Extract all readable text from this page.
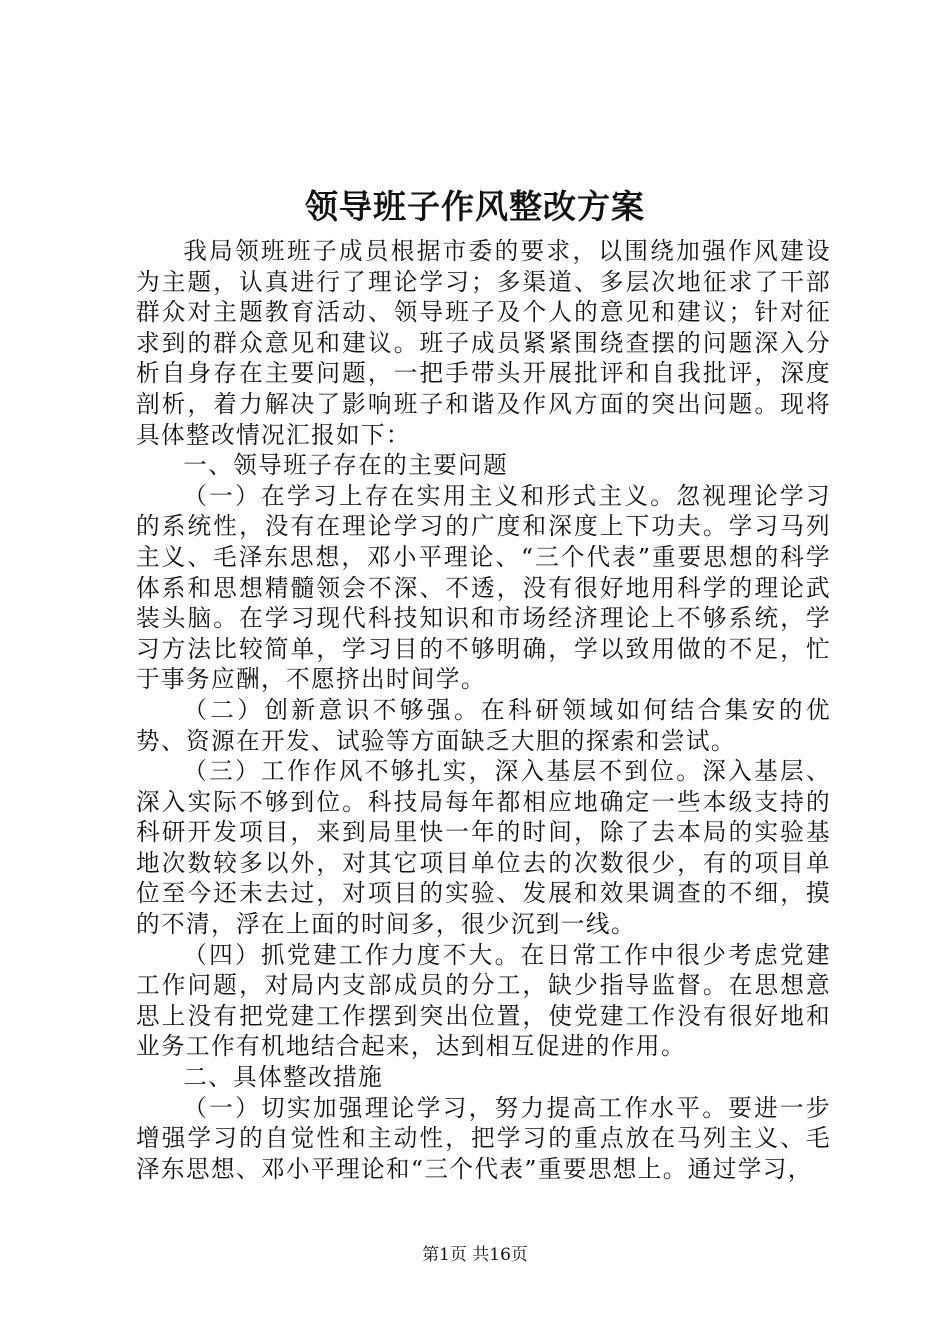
领导班子作风整改方案

我局领班班子成员根据市委的要求，以围绕加强作风建设为主题，认真进行了理论学习；多渠道、多层次地征求了干部群众对主题教育活动、领导班子及个人的意见和建议；针对征求到的群众意见和建议。班子成员紧紧围绕查摆的问题深入分析自身存在主要问题，一把手带头开展批评和自我批评，深度剖析，着力解决了影响班子和谐及作风方面的突出问题。现将具体整改情况汇报如下：

一、领导班子存在的主要问题

（一）在学习上存在实用主义和形式主义。忽视理论学习的系统性，没有在理论学习的广度和深度上下功夫。学习马列主义、毛泽东思想，邓小平理论、“三个代表”重要思想的科学体系和思想精髓领会不深、不透，没有很好地用科学的理论武装头脑。在学习现代科技知识和市场经济理论上不够系统，学习方法比较简单，学习目的不够明确，学以致用做的不足，忙于事务应酬，不愿挤出时间学。

（二）创新意识不够强。在科研领域如何结合集安的优势、资源在开发、试验等方面缺乏大胆的探索和尝试。

（三）工作作风不够扎实，深入基层不到位。深入基层、深入实际不够到位。科技局每年都相应地确定一些本级支持的科研开发项目，来到局里快一年的时间，除了去本局的实验基地次数较多以外，对其它项目单位去的次数很少，有的项目单位至今还未去过，对项目的实验、发展和效果调查的不细，摸的不清，浮在上面的时间多，很少沉到一线。

（四）抓党建工作力度不大。在日常工作中很少考虑党建工作问题，对局内支部成员的分工，缺少指导监督。在思想意思上没有把党建工作摆到突出位置，使党建工作没有很好地和业务工作有机地结合起来，达到相互促进的作用。

二、具体整改措施

（一）切实加强理论学习，努力提高工作水平。要进一步增强学习的自觉性和主动性，把学习的重点放在马列主义、毛泽东思想、邓小平理论和“三个代表”重要思想上。通过学习，

第1页 共16页
